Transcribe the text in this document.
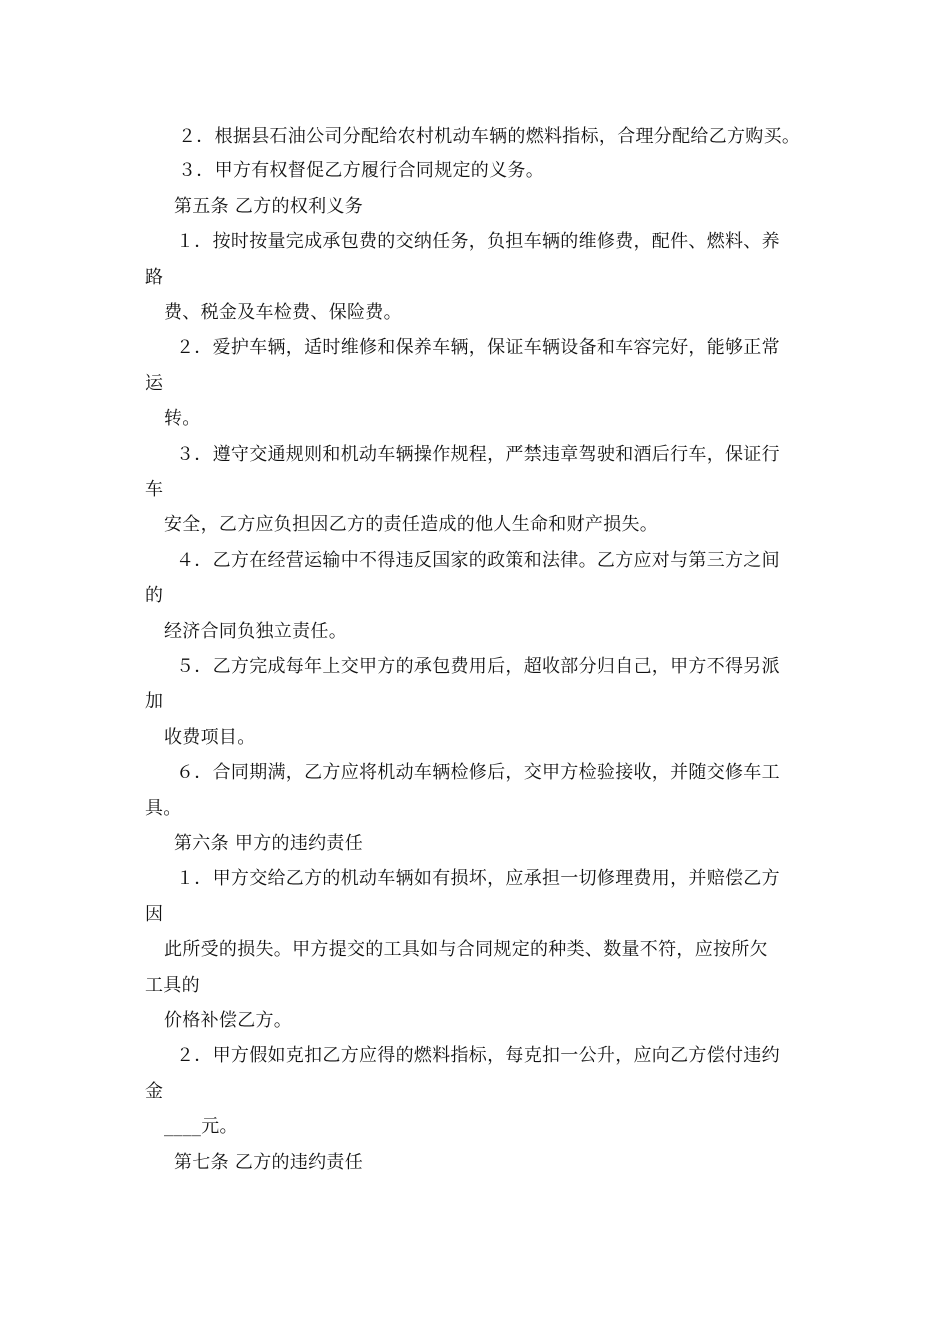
２．根据县石油公司分配给农村机动车辆的燃料指标，合理分配给乙方购买。
３．甲方有权督促乙方履行合同规定的义务。
第五条 乙方的权利义务
１．按时按量完成承包费的交纳任务，负担车辆的维修费，配件、燃料、养
路
费、税金及车检费、保险费。
２．爱护车辆，适时维修和保养车辆，保证车辆设备和车容完好，能够正常
运
转。
３．遵守交通规则和机动车辆操作规程，严禁违章驾驶和酒后行车，保证行
车
安全，乙方应负担因乙方的责任造成的他人生命和财产损失。
４．乙方在经营运输中不得违反国家的政策和法律。乙方应对与第三方之间
的
经济合同负独立责任。
５．乙方完成每年上交甲方的承包费用后，超收部分归自己，甲方不得另派
加
收费项目。
６．合同期满，乙方应将机动车辆检修后，交甲方检验接收，并随交修车工
具。
第六条 甲方的违约责任
１．甲方交给乙方的机动车辆如有损坏，应承担一切修理费用，并赔偿乙方
因
此所受的损失。甲方提交的工具如与合同规定的种类、数量不符，应按所欠
工具的
价格补偿乙方。
２．甲方假如克扣乙方应得的燃料指标，每克扣一公升，应向乙方偿付违约
金
____元。
第七条 乙方的违约责任
